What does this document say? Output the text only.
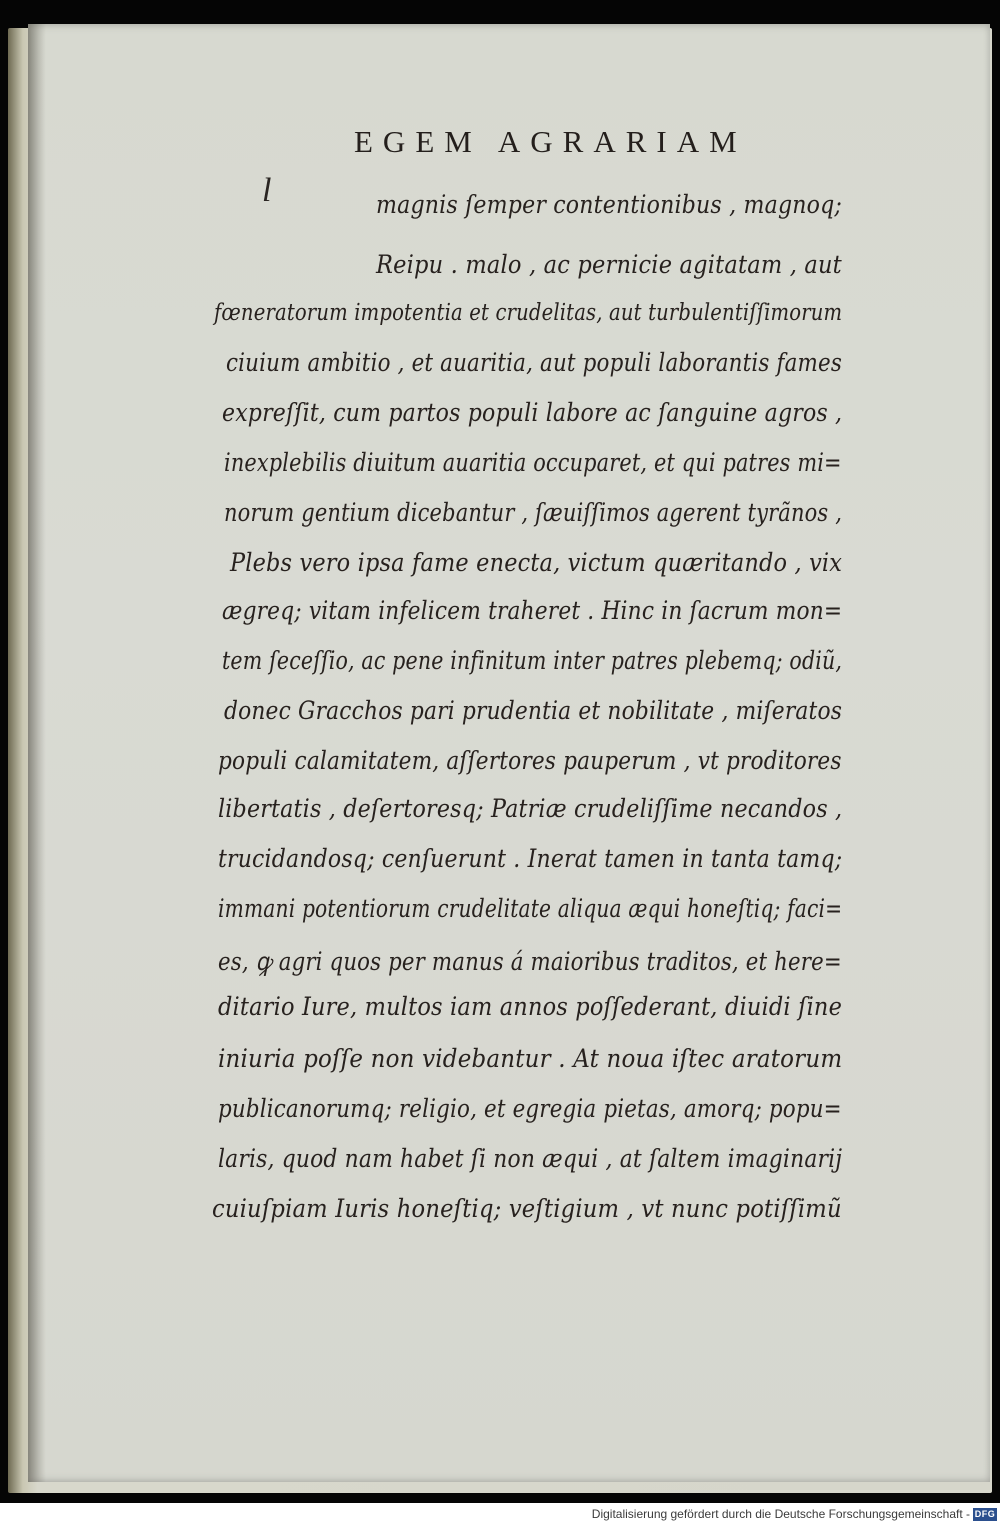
EGEM AGRARIAM
l	magnis ſemper contentionibus , magnoq;
Reipu . malo , ac pernicie agitatam , aut
fœneratorum impotentia et crudelitas, aut turbulentiſſimorum
ciuium ambitio , et auaritia, aut populi laborantis fames
expreſſit, cum partos populi labore ac ſanguine agros ,
inexplebilis diuitum auaritia occuparet, et qui patres mi=
norum gentium dicebantur , ſæuiſſimos agerent tyrãnos ,
Plebs vero ipsa fame enecta, victum quæritando , vix
ægreq; vitam infelicem traheret . Hinc in ſacrum mon=
tem ſeceſſio, ac pene infinitum inter patres plebemq; odiũ,
donec Gracchos pari prudentia et nobilitate , miſeratos
populi calamitatem, aſſertores pauperum , vt proditores
libertatis , deſertoresq; Patriæ crudeliſſime necandos ,
trucidandosq; cenſuerunt . Inerat tamen in tanta tamq;
immani potentiorum crudelitate aliqua æqui honeſtiq; faci=
es, ꝙ agri quos per manus á maioribus traditos, et here=
ditario Iure, multos iam annos poſſederant, diuidi ſine
iniuria poſſe non videbantur . At noua iſtec aratorum
publicanorumq; religio, et egregia pietas, amorq; popu=
laris, quod nam habet ſi non æqui , at ſaltem imaginarij
cuiuſpiam Iuris honeſtiq; veſtigium , vt nunc potiſſimũ
Digitalisierung gefördert durch die Deutsche Forschungsgemeinschaft - DFG
